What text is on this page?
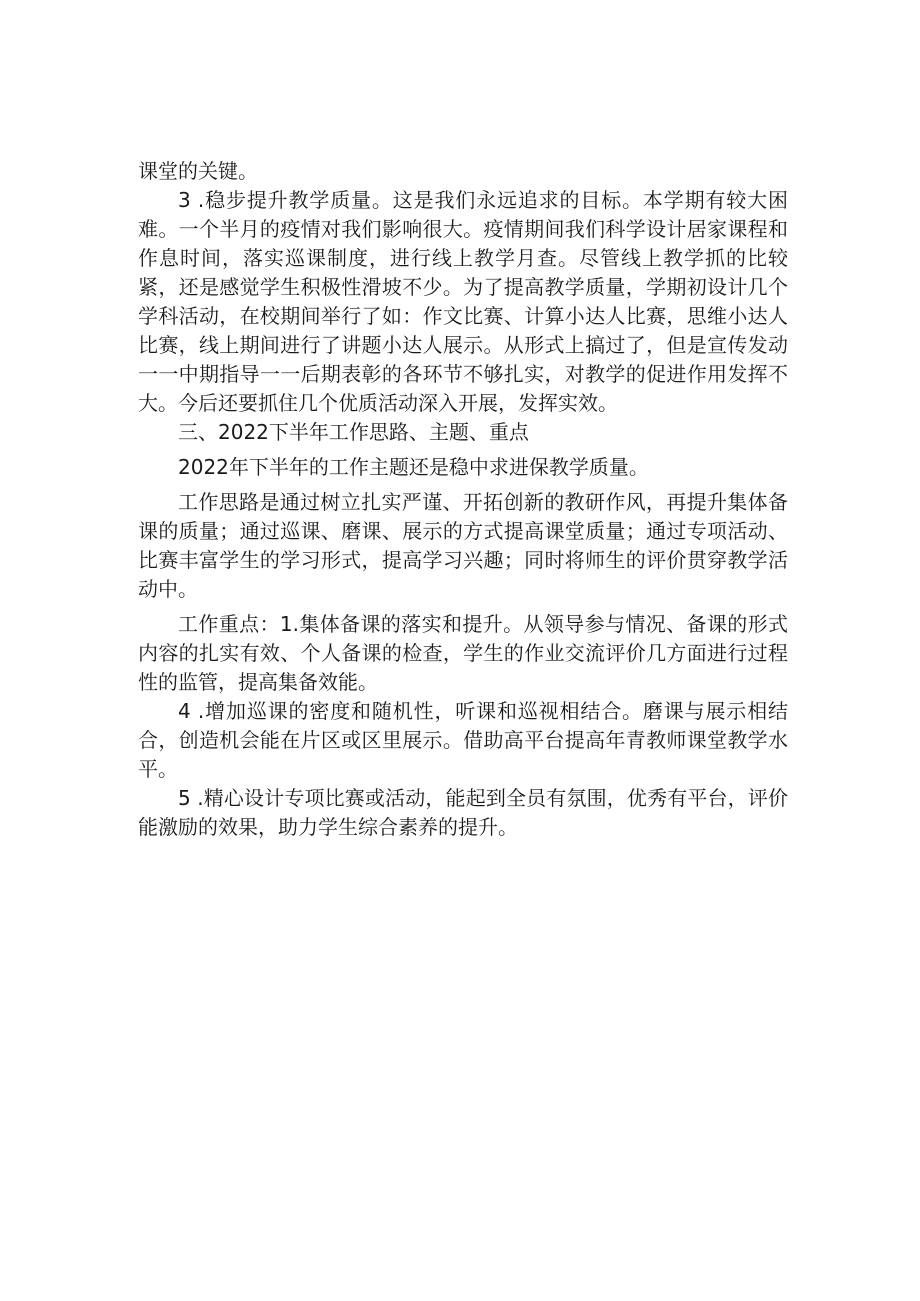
课堂的关键。

3 .稳步提升教学质量。这是我们永远追求的目标。本学期有较大困难。一个半月的疫情对我们影响很大。疫情期间我们科学设计居家课程和作息时间，落实巡课制度，进行线上教学月查。尽管线上教学抓的比较紧，还是感觉学生积极性滑坡不少。为了提高教学质量，学期初设计几个学科活动，在校期间举行了如：作文比赛、计算小达人比赛，思维小达人比赛，线上期间进行了讲题小达人展示。从形式上搞过了，但是宣传发动一一中期指导一一后期表彰的各环节不够扎实，对教学的促进作用发挥不大。今后还要抓住几个优质活动深入开展，发挥实效。

三、2022下半年工作思路、主题、重点

2022年下半年的工作主题还是稳中求进保教学质量。

工作思路是通过树立扎实严谨、开拓创新的教研作风，再提升集体备课的质量；通过巡课、磨课、展示的方式提高课堂质量；通过专项活动、比赛丰富学生的学习形式，提高学习兴趣；同时将师生的评价贯穿教学活动中。

工作重点：1.集体备课的落实和提升。从领导参与情况、备课的形式内容的扎实有效、个人备课的检查，学生的作业交流评价几方面进行过程性的监管，提高集备效能。

4 .增加巡课的密度和随机性，听课和巡视相结合。磨课与展示相结合，创造机会能在片区或区里展示。借助高平台提高年青教师课堂教学水平。

5 .精心设计专项比赛或活动，能起到全员有氛围，优秀有平台，评价能激励的效果，助力学生综合素养的提升。
